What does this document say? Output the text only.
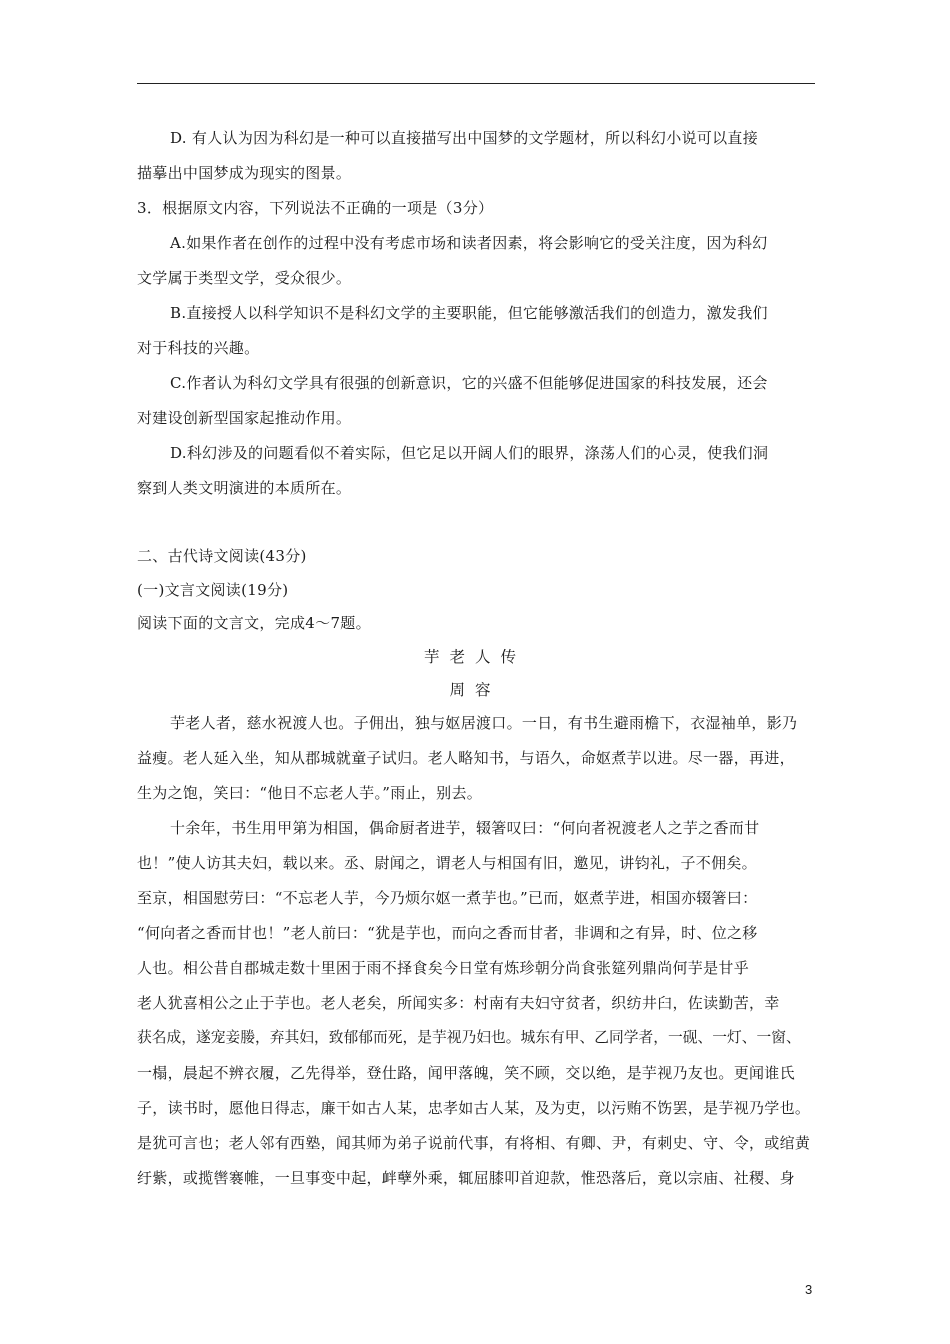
D. 有人认为因为科幻是一种可以直接描写出中国梦的文学题材，所以科幻小说可以直接
描摹出中国梦成为现实的图景。
3．根据原文内容，下列说法不正确的一项是（3分）
A.如果作者在创作的过程中没有考虑市场和读者因素，将会影响它的受关注度，因为科幻
文学属于类型文学，受众很少。
B.直接授人以科学知识不是科幻文学的主要职能，但它能够激活我们的创造力，激发我们
对于科技的兴趣。
C.作者认为科幻文学具有很强的创新意识，它的兴盛不但能够促进国家的科技发展，还会
对建设创新型国家起推动作用。
D.科幻涉及的问题看似不着实际，但它足以开阔人们的眼界，涤荡人们的心灵，使我们洞
察到人类文明演进的本质所在。
二、古代诗文阅读(43分)
(一)文言文阅读(19分)
阅读下面的文言文，完成4～7题。
芋老人传
周容
芋老人者，慈水祝渡人也。子佣出，独与妪居渡口。一日，有书生避雨檐下，衣湿袖单，影乃
益瘦。老人延入坐，知从郡城就童子试归。老人略知书，与语久，命妪煮芋以进。尽一器，再进，
生为之饱，笑曰：“他日不忘老人芋。”雨止，别去。
十余年，书生用甲第为相国，偶命厨者进芋，辍箸叹曰：“何向者祝渡老人之芋之香而甘
也！”使人访其夫妇，载以来。丞、尉闻之，谓老人与相国有旧，邀见，讲钧礼，子不佣矣。
至京，相国慰劳曰：“不忘老人芋，今乃烦尔妪一煮芋也。”已而，妪煮芋进，相国亦辍箸曰：
“何向者之香而甘也！”老人前曰：“犹是芋也，而向之香而甘者，非调和之有异，时、位之移
人也。相公昔自郡城走数十里困于雨不择食矣今日堂有炼珍朝分尚食张筵列鼎尚何芋是甘乎
老人犹喜相公之止于芋也。老人老矣，所闻实多：村南有夫妇守贫者，织纺井臼，佐读勤苦，幸
获名成，遂宠妾媵，弃其妇，致郁郁而死，是芋视乃妇也。城东有甲、乙同学者，一砚、一灯、一窗、
一榻，晨起不辨衣履，乙先得举，登仕路，闻甲落魄，笑不顾，交以绝，是芋视乃友也。更闻谁氏
子，读书时，愿他日得志，廉干如古人某，忠孝如古人某，及为吏，以污贿不饬罢，是芋视乃学也。
是犹可言也；老人邻有西塾，闻其师为弟子说前代事，有将相、有卿、尹，有刺史、守、令，或绾黄
纡紫，或揽辔褰帷，一旦事变中起，衅孽外乘，辄屈膝叩首迎款，惟恐落后，竟以宗庙、社稷、身
3
